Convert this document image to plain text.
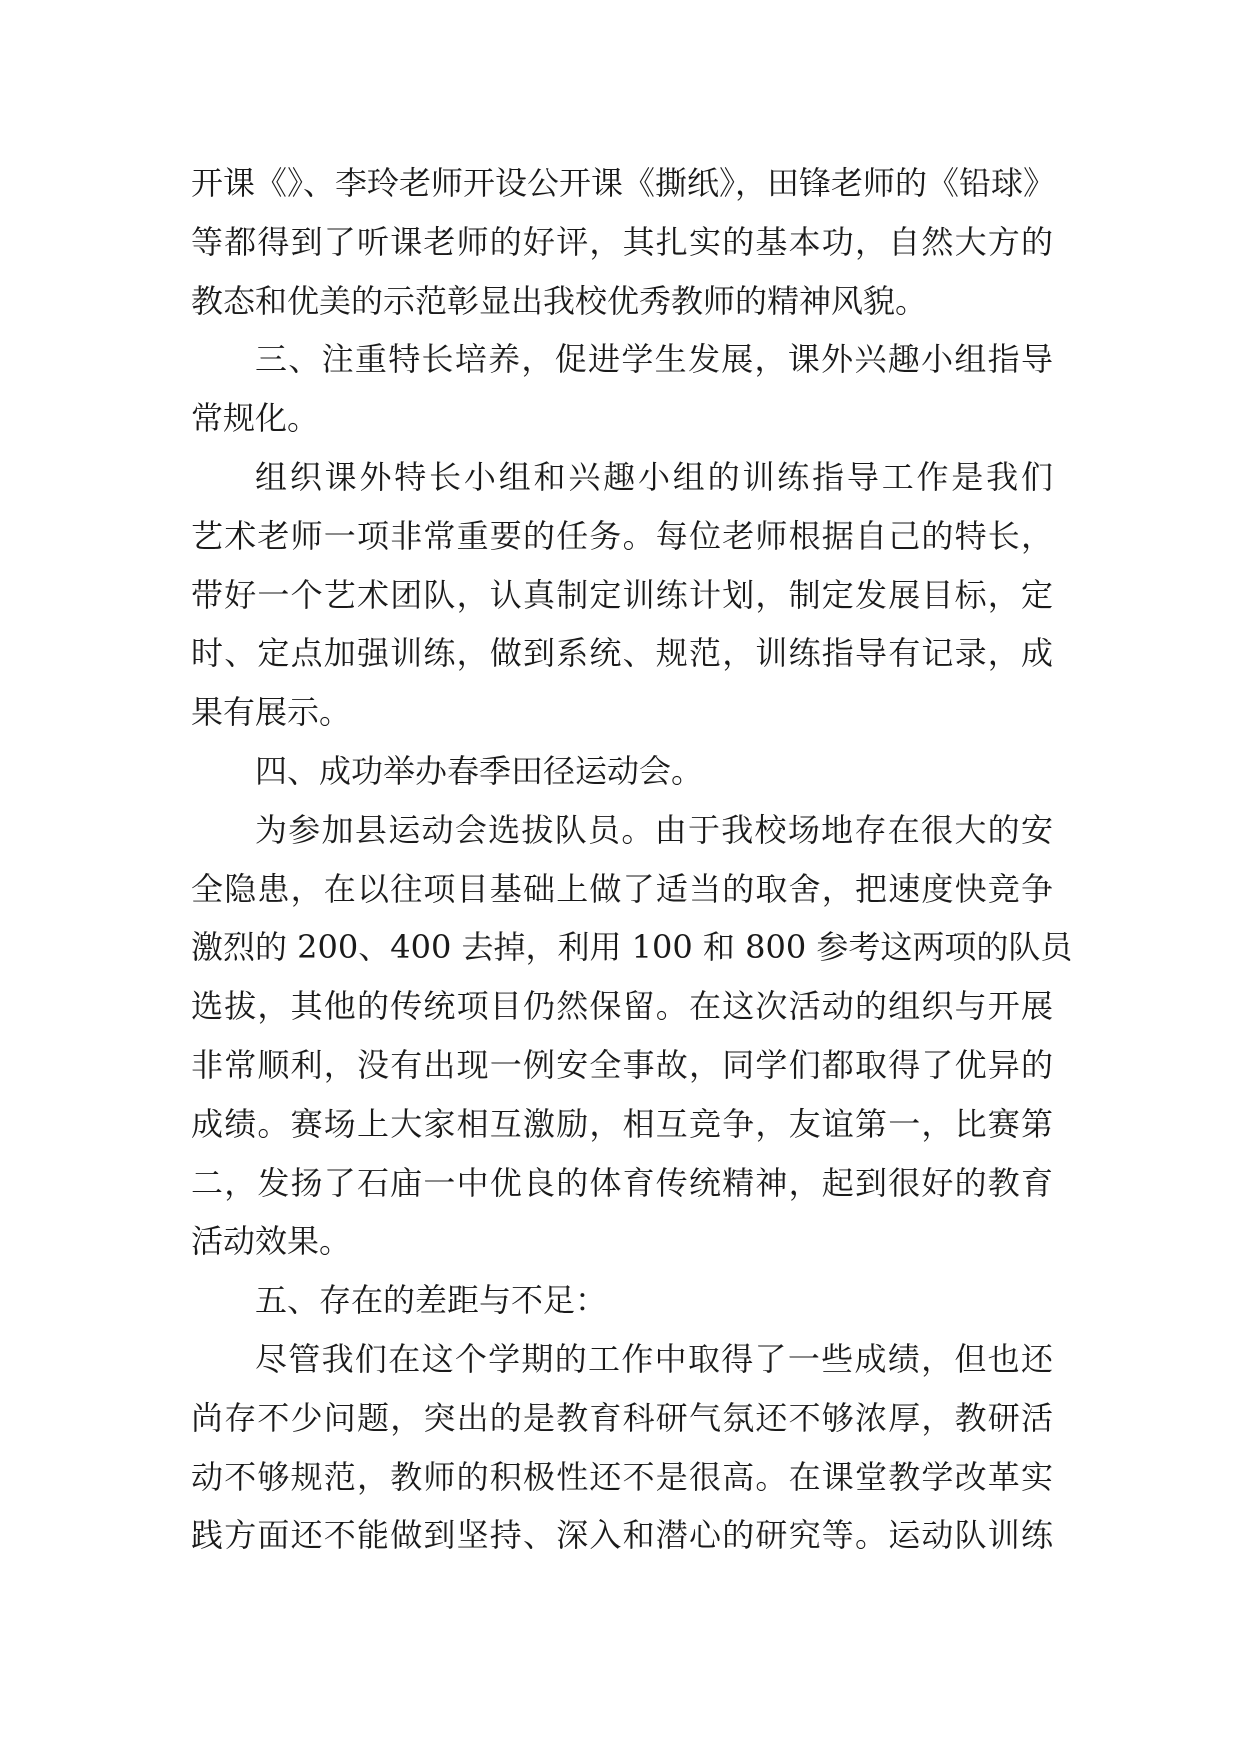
开课《》、李玲老师开设公开课《撕纸》，田锋老师的《铅球》
等都得到了听课老师的好评，其扎实的基本功，自然大方的
教态和优美的示范彰显出我校优秀教师的精神风貌。
三、注重特长培养，促进学生发展，课外兴趣小组指导
常规化。
组织课外特长小组和兴趣小组的训练指导工作是我们
艺术老师一项非常重要的任务。每位老师根据自己的特长，
带好一个艺术团队，认真制定训练计划，制定发展目标，定
时、定点加强训练，做到系统、规范，训练指导有记录，成
果有展示。
四、成功举办春季田径运动会。
为参加县运动会选拔队员。由于我校场地存在很大的安
全隐患，在以往项目基础上做了适当的取舍，把速度快竞争
激烈的 200、400 去掉，利用 100 和 800 参考这两项的队员
选拔，其他的传统项目仍然保留。在这次活动的组织与开展
非常顺利，没有出现一例安全事故，同学们都取得了优异的
成绩。赛场上大家相互激励，相互竞争，友谊第一，比赛第
二，发扬了石庙一中优良的体育传统精神，起到很好的教育
活动效果。
五、存在的差距与不足：
尽管我们在这个学期的工作中取得了一些成绩，但也还
尚存不少问题，突出的是教育科研气氛还不够浓厚，教研活
动不够规范，教师的积极性还不是很高。在课堂教学改革实
践方面还不能做到坚持、深入和潜心的研究等。运动队训练
